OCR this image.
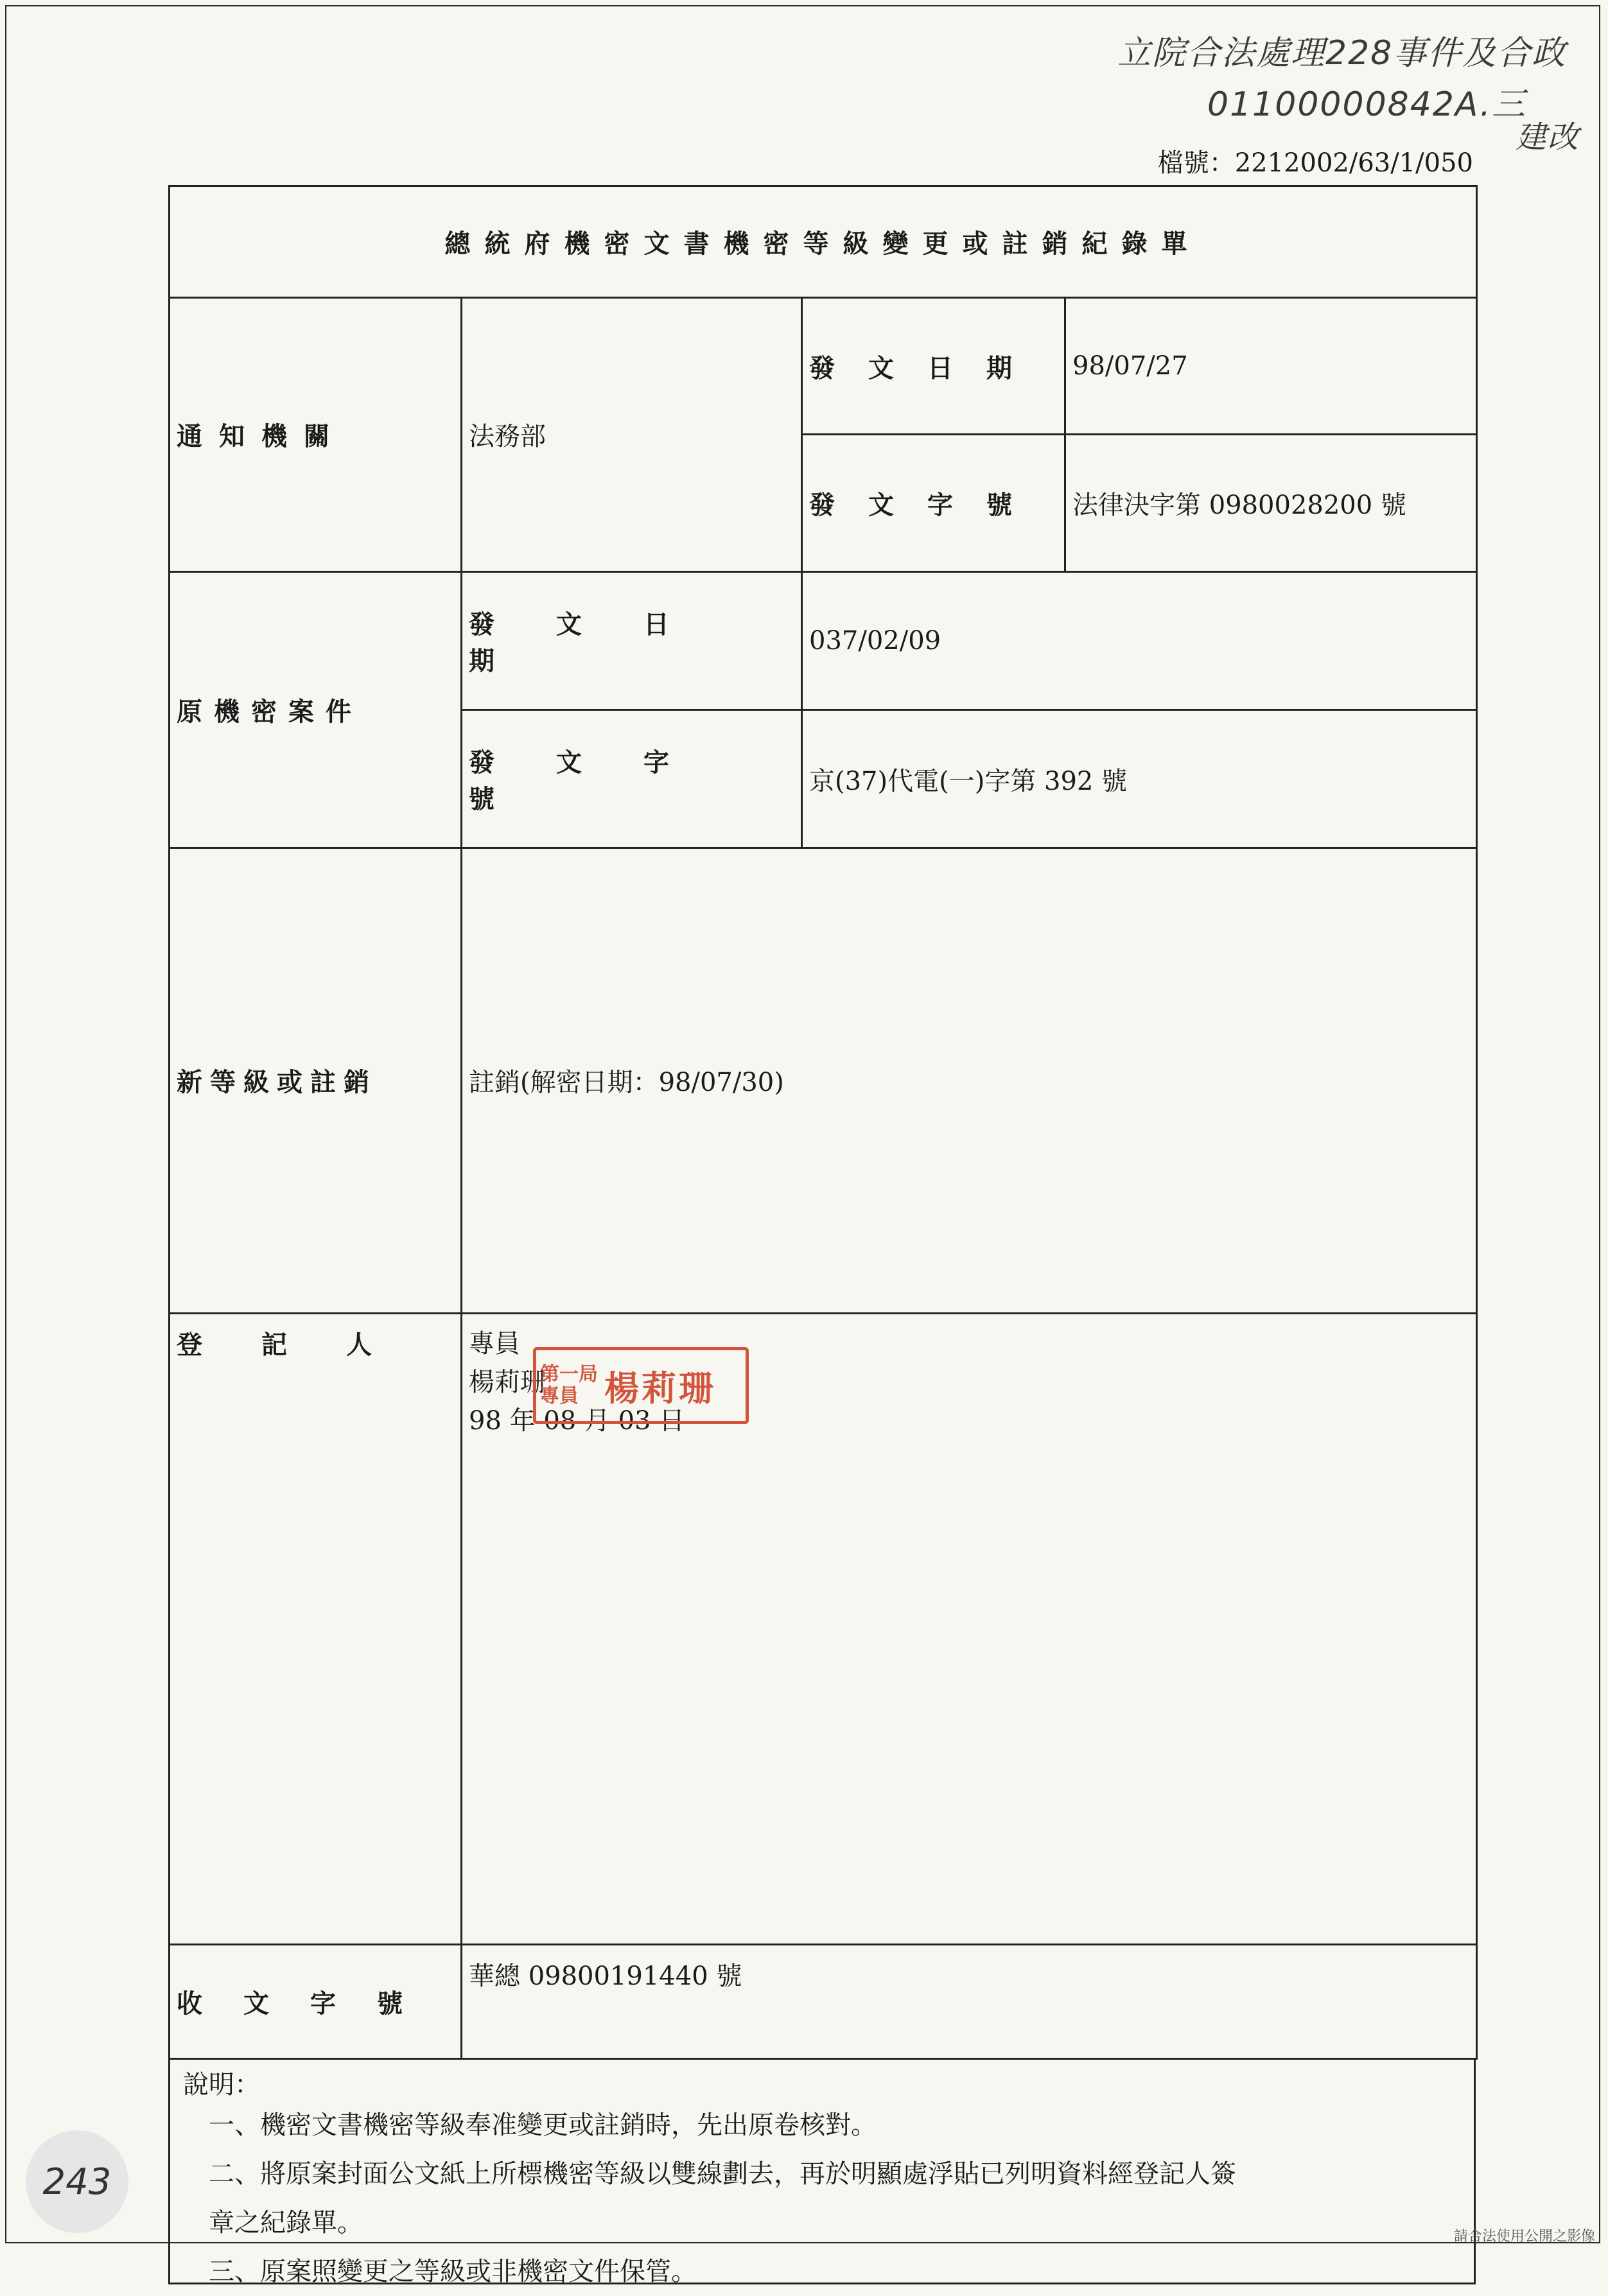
立院合法處理228事件及合政
01100000842A.三
建改
檔號：2212002/63/1/050
總統府機密文書機密等級變更或註銷紀錄單			
通知機關	法務部	發文日期	98/07/27
		發文字號	法律決字第 0980028200 號
原機密案件	發文日期	037/02/09	
	發文字號	京(37)代電(一)字第 392 號	
新等級或註銷	註銷(解密日期：98/07/30)		
登記人	專員
楊莉珊
98 年 08 月 03 日		

收文字號	華總 09800191440 號		
第一局
專員 楊莉珊
說明：
一、機密文書機密等級奉准變更或註銷時，先出原卷核對。
二、將原案封面公文紙上所標機密等級以雙線劃去，再於明顯處浮貼已列明資料經登記人簽
章之紀錄單。
三、原案照變更之等級或非機密文件保管。
243
請合法使用公開之影像
